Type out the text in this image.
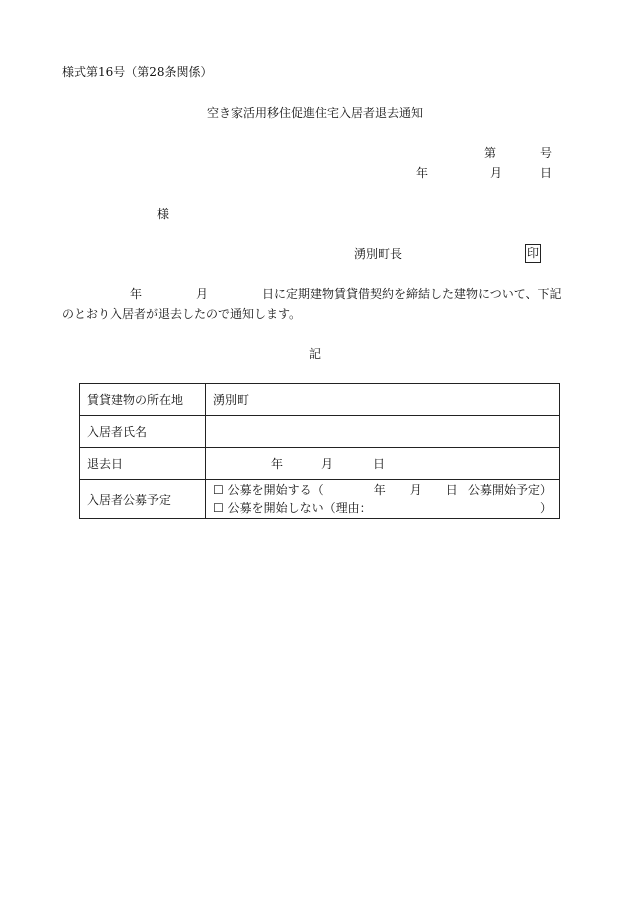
様式第16号（第28条関係）
空き家活用移住促進住宅入居者退去通知
第	号
年	月	日
様
湧別町長	印
年	月	日に定期建物賃貸借契約を締結した建物について、下記
のとおり入居者が退去したので通知します。
記
賃貸建物の所在地	湧別町
入居者氏名	
退去日	年 月 日
入居者公募予定	☐ 公募を開始する（ 年 月 日 公募開始予定）
☐ 公募を開始しない（理由： ）
